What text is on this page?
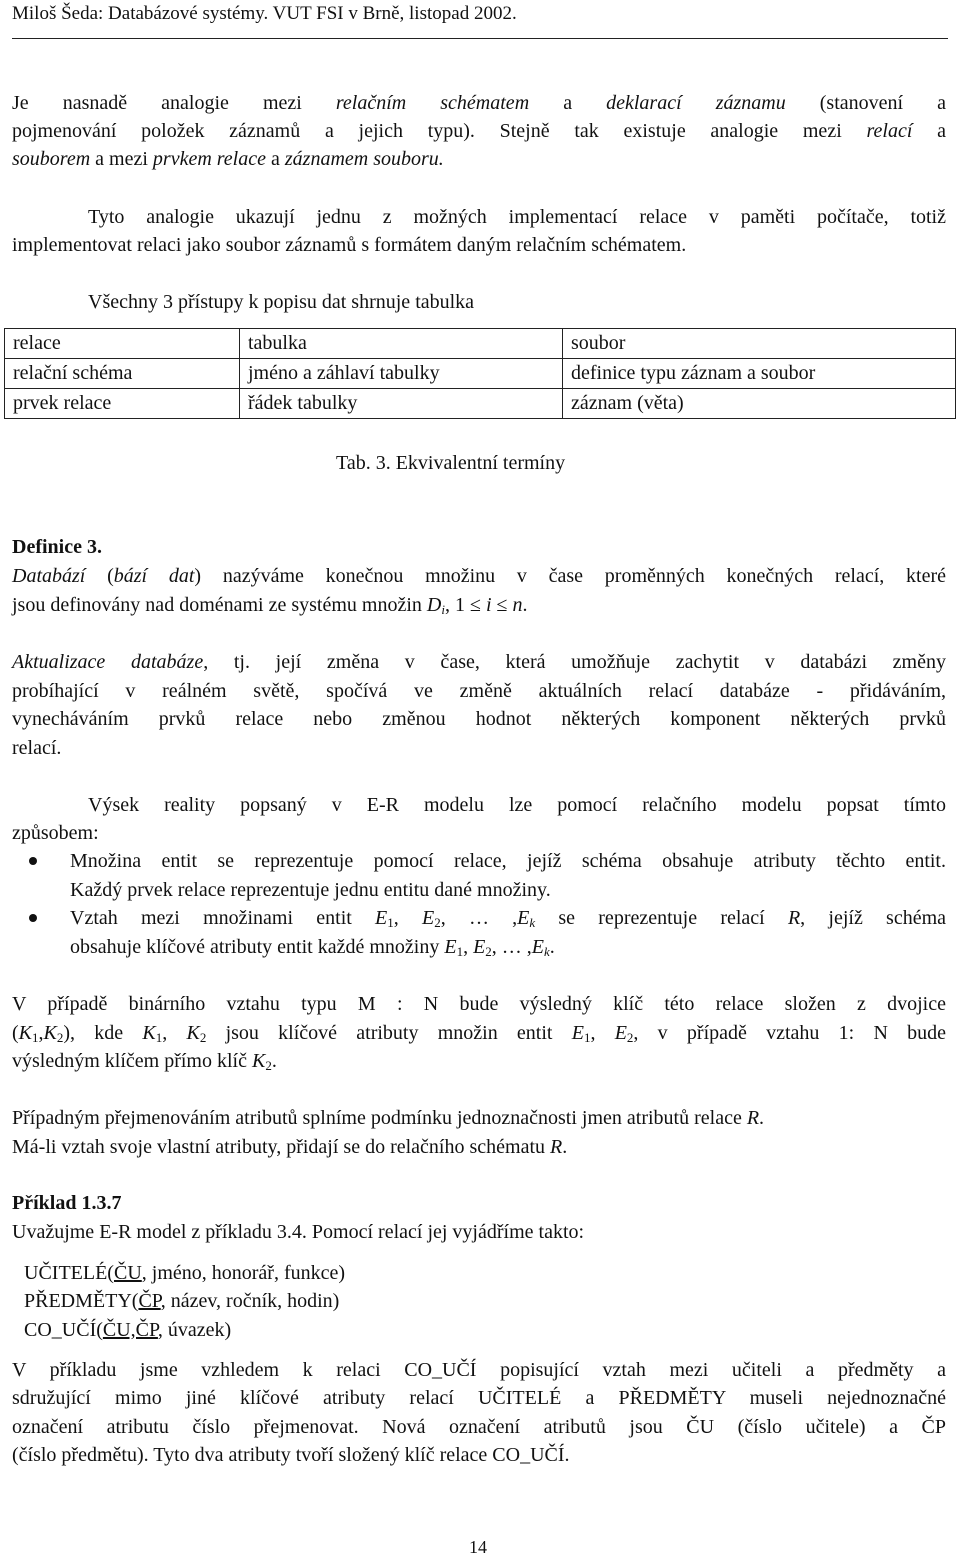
Miloš Šeda: Databázové systémy. VUT FSI v Brně, listopad 2002.
Je nasnadě analogie mezi relačním schématem a deklarací záznamu (stanovení a
pojmenování položek záznamů a jejich typu). Stejně tak existuje analogie mezi relací a
souborem a mezi prvkem relace a záznamem souboru.
Tyto analogie ukazují jednu z možných implementací relace v paměti počítače, totiž
implementovat relaci jako soubor záznamů s formátem daným relačním schématem.
Všechny 3 přístupy k popisu dat shrnuje tabulka
relace	tabulka	soubor
relační schéma	jméno a záhlaví tabulky	definice typu záznam a soubor
prvek relace	řádek tabulky	záznam (věta)
Tab. 3. Ekvivalentní termíny
Definice 3.
Databází (bází dat) nazýváme konečnou množinu v čase proměnných konečných relací, které
jsou definovány nad doménami ze systému množin $D_i$, 1 ≤ i ≤ n.
Aktualizace databáze, tj. její změna v čase, která umožňuje zachytit v databázi změny
probíhající v reálném světě, spočívá ve změně aktuálních relací databáze - přidáváním,
vynecháváním prvků relace nebo změnou hodnot některých komponent některých prvků
relací.
Výsek reality popsaný v E-R modelu lze pomocí relačního modelu popsat tímto
způsobem:
Množina entit se reprezentuje pomocí relace, jejíž schéma obsahuje atributy těchto entit.
Každý prvek relace reprezentuje jednu entitu dané množiny.
Vztah mezi množinami entit $E_1$, $E_2$, … $,E_k$ se reprezentuje relací R, jejíž schéma
obsahuje klíčové atributy entit každé množiny $E_1$, $E_2$, … $,E_k$.
V případě binárního vztahu typu M : N bude výsledný klíč této relace složen z dvojice
$(K_1,K_2)$, kde $K_1$, $K_2$ jsou klíčové atributy množin entit $E_1$, $E_2$, v případě vztahu 1: N bude
výsledným klíčem přímo klíč $K_2$.
Případným přejmenováním atributů splníme podmínku jednoznačnosti jmen atributů relace R.
Má-li vztah svoje vlastní atributy, přidají se do relačního schématu R.
Příklad 1.3.7
Uvažujme E-R model z příkladu 3.4. Pomocí relací jej vyjádříme takto:
UČITELÉ(ČU, jméno, honorář, funkce)
PŘEDMĚTY(ČP, název, ročník, hodin)
CO_UČÍ(ČU,ČP, úvazek)
V příkladu jsme vzhledem k relaci CO_UČÍ popisující vztah mezi učiteli a předměty a
sdružující mimo jiné klíčové atributy relací UČITELÉ a PŘEDMĚTY museli nejednoznačné
označení atributu číslo přejmenovat. Nová označení atributů jsou ČU (číslo učitele) a ČP
(číslo předmětu). Tyto dva atributy tvoří složený klíč relace CO_UČÍ.
14
